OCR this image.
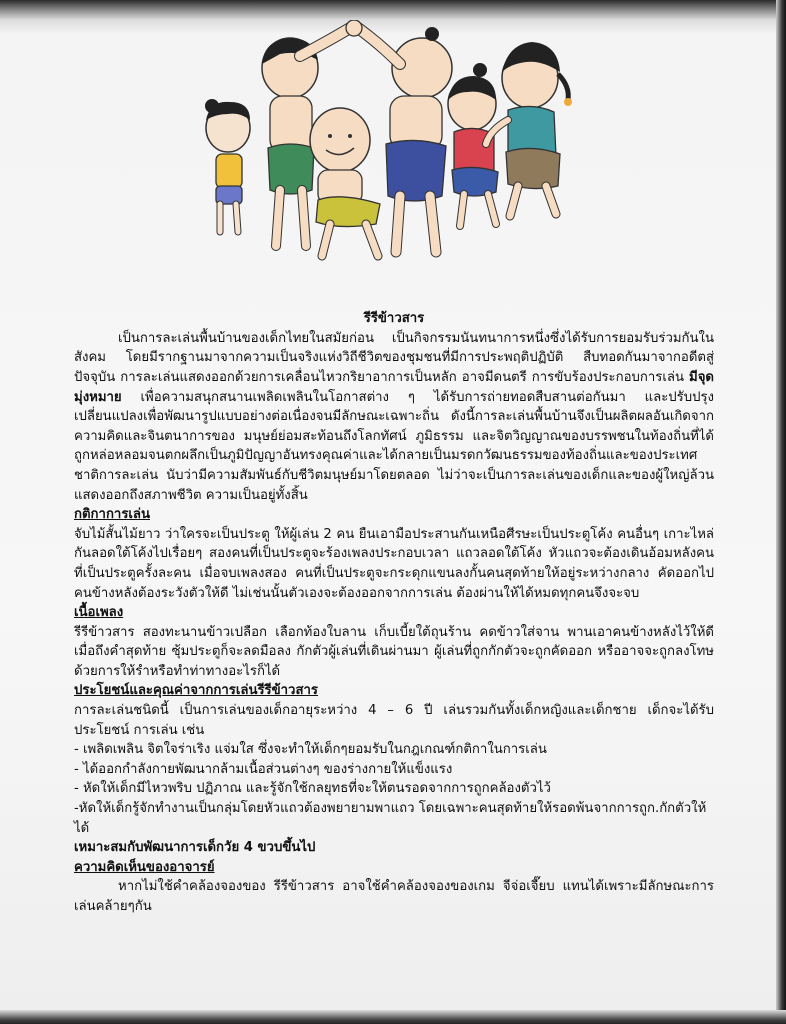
รีรีข้าวสาร

เป็นการละเล่นพื้นบ้านของเด็กไทยในสมัยก่อน เป็นกิจกรรมนันทนาการหนึ่งซึ่งได้รับการยอมรับร่วมกันในสังคม โดยมีรากฐานมาจากความเป็นจริงแห่งวิถีชีวิตของชุมชนที่มีการประพฤติปฏิบัติ สืบทอดกันมาจากอดีตสู่ปัจจุบัน การละเล่นแสดงออกด้วยการเคลื่อนไหวกริยาอาการเป็นหลัก อาจมีดนตรี การขับร้องประกอบการเล่น มีจุดมุ่งหมาย เพื่อความสนุกสนานเพลิดเพลินในโอกาสต่าง ๆ ได้รับการถ่ายทอดสืบสานต่อกันมา และปรับปรุงเปลี่ยนแปลงเพื่อพัฒนารูปแบบอย่างต่อเนื่องจนมีลักษณะเฉพาะถิ่น ดังนี้การละเล่นพื้นบ้านจึงเป็นผลิตผลอันเกิดจากความคิดและจินตนาการของ มนุษย์ย่อมสะท้อนถึงโลกทัศน์ ภูมิธรรม และจิตวิญญาณของบรรพชนในท้องถิ่นที่ได้ถูกหล่อหลอมจนตกผลึกเป็นภูมิปัญญาอันทรงคุณค่าและได้กลายเป็นมรดกวัฒนธรรมของท้องถิ่นและของประเทศชาติการละเล่น นับว่ามีความสัมพันธ์กับชีวิตมนุษย์มาโดยตลอด ไม่ว่าจะเป็นการละเล่นของเด็กและของผู้ใหญ่ล้วนแสดงออกถึงสภาพชีวิต ความเป็นอยู่ทั้งสิ้น

กติกาการเล่น

จับไม้สั้นไม้ยาว ว่าใครจะเป็นประตู ให้ผู้เล่น 2 คน ยืนเอามือประสานกันเหนือศีรษะเป็นประตูโค้ง คนอื่นๆ เกาะไหล่กันลอดใต้โค้งไปเรื่อยๆ สองคนที่เป็นประตูจะร้องเพลงประกอบเวลา แถวลอดใต้โค้ง หัวแถวจะต้องเดินอ้อมหลังคนที่เป็นประตูครั้งละคน เมื่อจบเพลงสอง คนที่เป็นประตูจะกระดุกแขนลงกั้นคนสุดท้ายให้อยู่ระหว่างกลาง คัดออกไป คนข้างหลังต้องระวังตัวให้ดี ไม่เช่นนั้นตัวเองจะต้องออกจากการเล่น ต้องผ่านให้ได้หมดทุกคนจึงจะจบ

เนื้อเพลง

รีรีข้าวสาร สองทะนานข้าวเปลือก เลือกท้องใบลาน เก็บเบี้ยใต้ถุนร้าน คดข้าวใส่จาน พานเอาคนข้างหลังไว้ให้ดี เมื่อถึงคำสุดท้าย ซุ้มประตูก็จะลดมือลง กักตัวผู้เล่นที่เดินผ่านมา ผู้เล่นที่ถูกกักตัวจะถูกคัดออก หรืออาจจะถูกลงโทษด้วยการให้รำหรือทำท่าทางอะไรก็ได้

ประโยชน์และคุณค่าจากการเล่นรีรีข้าวสาร

การละเล่นชนิดนี้ เป็นการเล่นของเด็กอายุระหว่าง 4 – 6 ปี เล่นรวมกันทั้งเด็กหญิงและเด็กชาย เด็กจะได้รับประโยชน์ การเล่น เช่น

- เพลิดเพลิน จิตใจร่าเริง แจ่มใส ซึ่งจะทำให้เด็กๆยอมรับในกฎเกณฑ์กติกาในการเล่น

- ได้ออกกำลังกายพัฒนากล้ามเนื้อส่วนต่างๆ ของร่างกายให้แข็งแรง

- หัดให้เด็กมีไหวพริบ ปฏิภาณ และรู้จักใช้กลยุทธที่จะให้ตนรอดจากการถูกคล้องตัวไว้

-หัดให้เด็กรู้จักทำงานเป็นกลุ่มโดยหัวแถวต้องพยายามพาแถว โดยเฉพาะคนสุดท้ายให้รอดพ้นจากการถูก.กักตัวให้ได้

เหมาะสมกับพัฒนาการเด็กวัย 4 ขวบขึ้นไป

ความคิดเห็นของอาจารย์

หากไม่ใช้คำคล้องจองของ รีรีข้าวสาร อาจใช้คำคล้องจองของเกม จีจ่อเจี๊ยบ แทนได้เพราะมีลักษณะการเล่นคล้ายๆกัน
